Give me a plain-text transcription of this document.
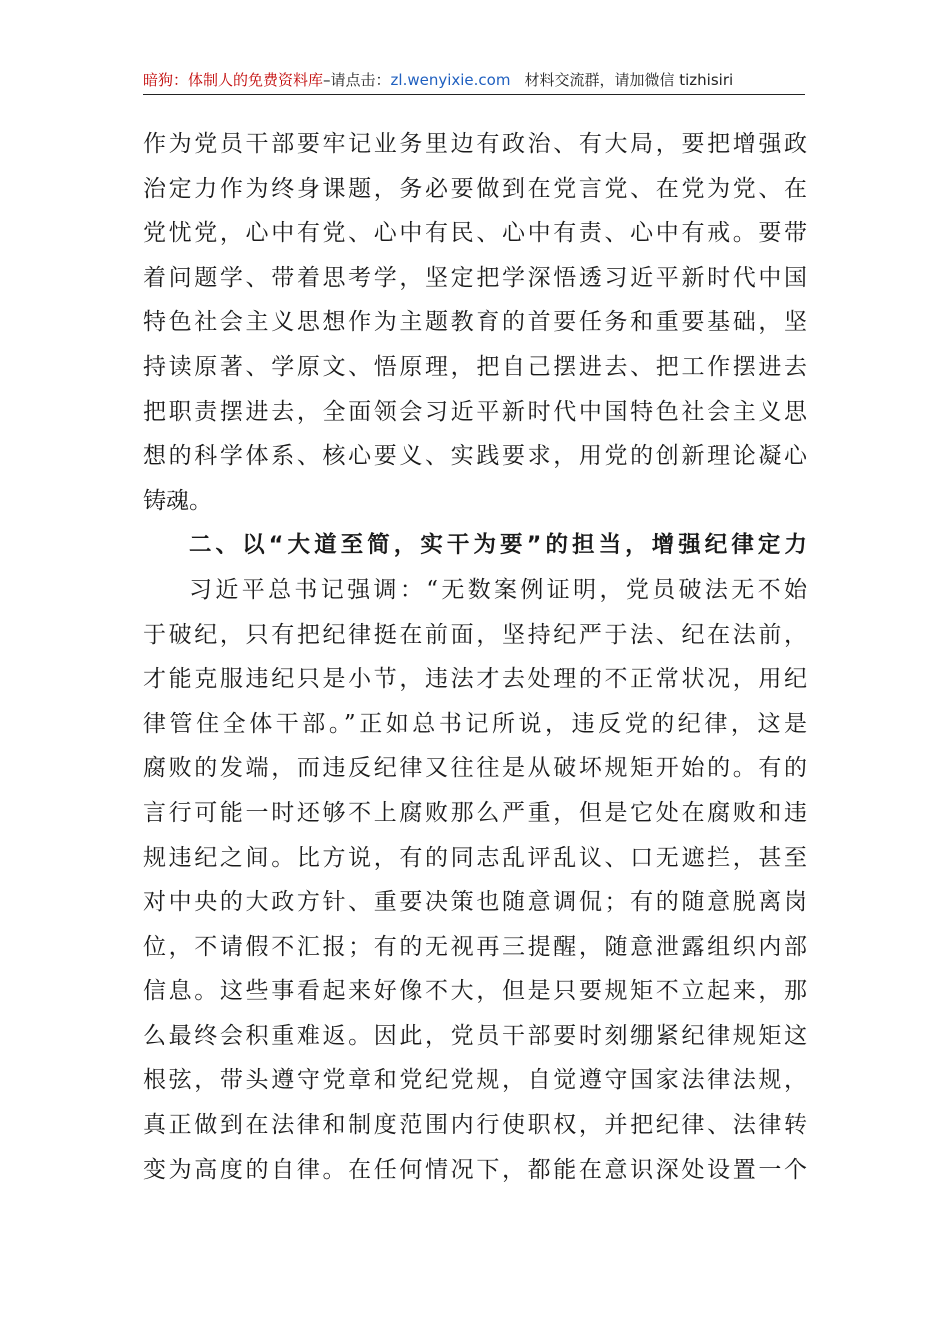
暗狗：体制人的免费资料库–请点击：zl.wenyixie.com 材料交流群，请加微信 tizhisiri
作为党员干部要牢记业务里边有政治、有大局，要把增强政
治定力作为终身课题，务必要做到在党言党、在党为党、在
党忧党，心中有党、心中有民、心中有责、心中有戒。要带
着问题学、带着思考学，坚定把学深悟透习近平新时代中国
特色社会主义思想作为主题教育的首要任务和重要基础，坚
持读原著、学原文、悟原理，把自己摆进去、把工作摆进去
把职责摆进去，全面领会习近平新时代中国特色社会主义思
想的科学体系、核心要义、实践要求，用党的创新理论凝心
铸魂。
二、以“大道至简，实干为要”的担当，增强纪律定力
习近平总书记强调：“无数案例证明，党员破法无不始
于破纪，只有把纪律挺在前面，坚持纪严于法、纪在法前，
才能克服违纪只是小节，违法才去处理的不正常状况，用纪
律管住全体干部。”正如总书记所说，违反党的纪律，这是
腐败的发端，而违反纪律又往往是从破坏规矩开始的。有的
言行可能一时还够不上腐败那么严重，但是它处在腐败和违
规违纪之间。比方说，有的同志乱评乱议、口无遮拦，甚至
对中央的大政方针、重要决策也随意调侃；有的随意脱离岗
位，不请假不汇报；有的无视再三提醒，随意泄露组织内部
信息。这些事看起来好像不大，但是只要规矩不立起来，那
么最终会积重难返。因此，党员干部要时刻绷紧纪律规矩这
根弦，带头遵守党章和党纪党规，自觉遵守国家法律法规，
真正做到在法律和制度范围内行使职权，并把纪律、法律转
变为高度的自律。在任何情况下，都能在意识深处设置一个
